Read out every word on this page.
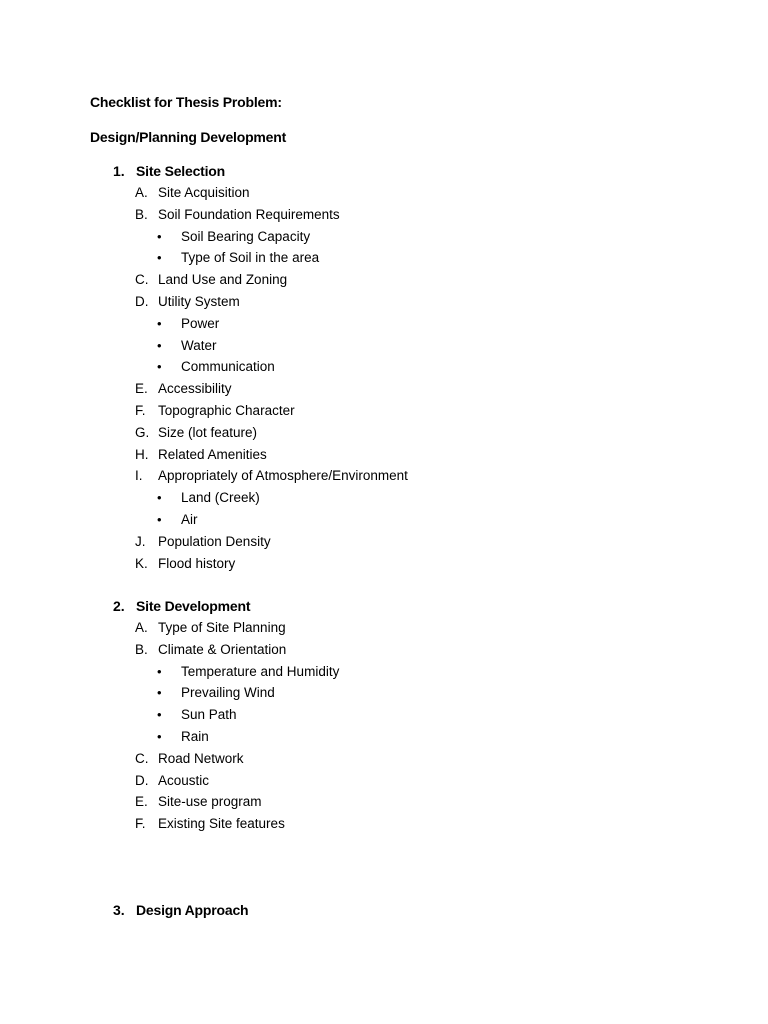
Checklist for Thesis Problem:
Design/Planning Development
1. Site Selection
A. Site Acquisition
B. Soil Foundation Requirements
• Soil Bearing Capacity
• Type of Soil in the area
C. Land Use and Zoning
D. Utility System
• Power
• Water
• Communication
E. Accessibility
F. Topographic Character
G. Size (lot feature)
H. Related Amenities
I. Appropriately of Atmosphere/Environment
• Land (Creek)
• Air
J. Population Density
K. Flood history
2. Site Development
A. Type of Site Planning
B. Climate & Orientation
• Temperature and Humidity
• Prevailing Wind
• Sun Path
• Rain
C. Road Network
D. Acoustic
E. Site-use program
F. Existing Site features
3. Design Approach
